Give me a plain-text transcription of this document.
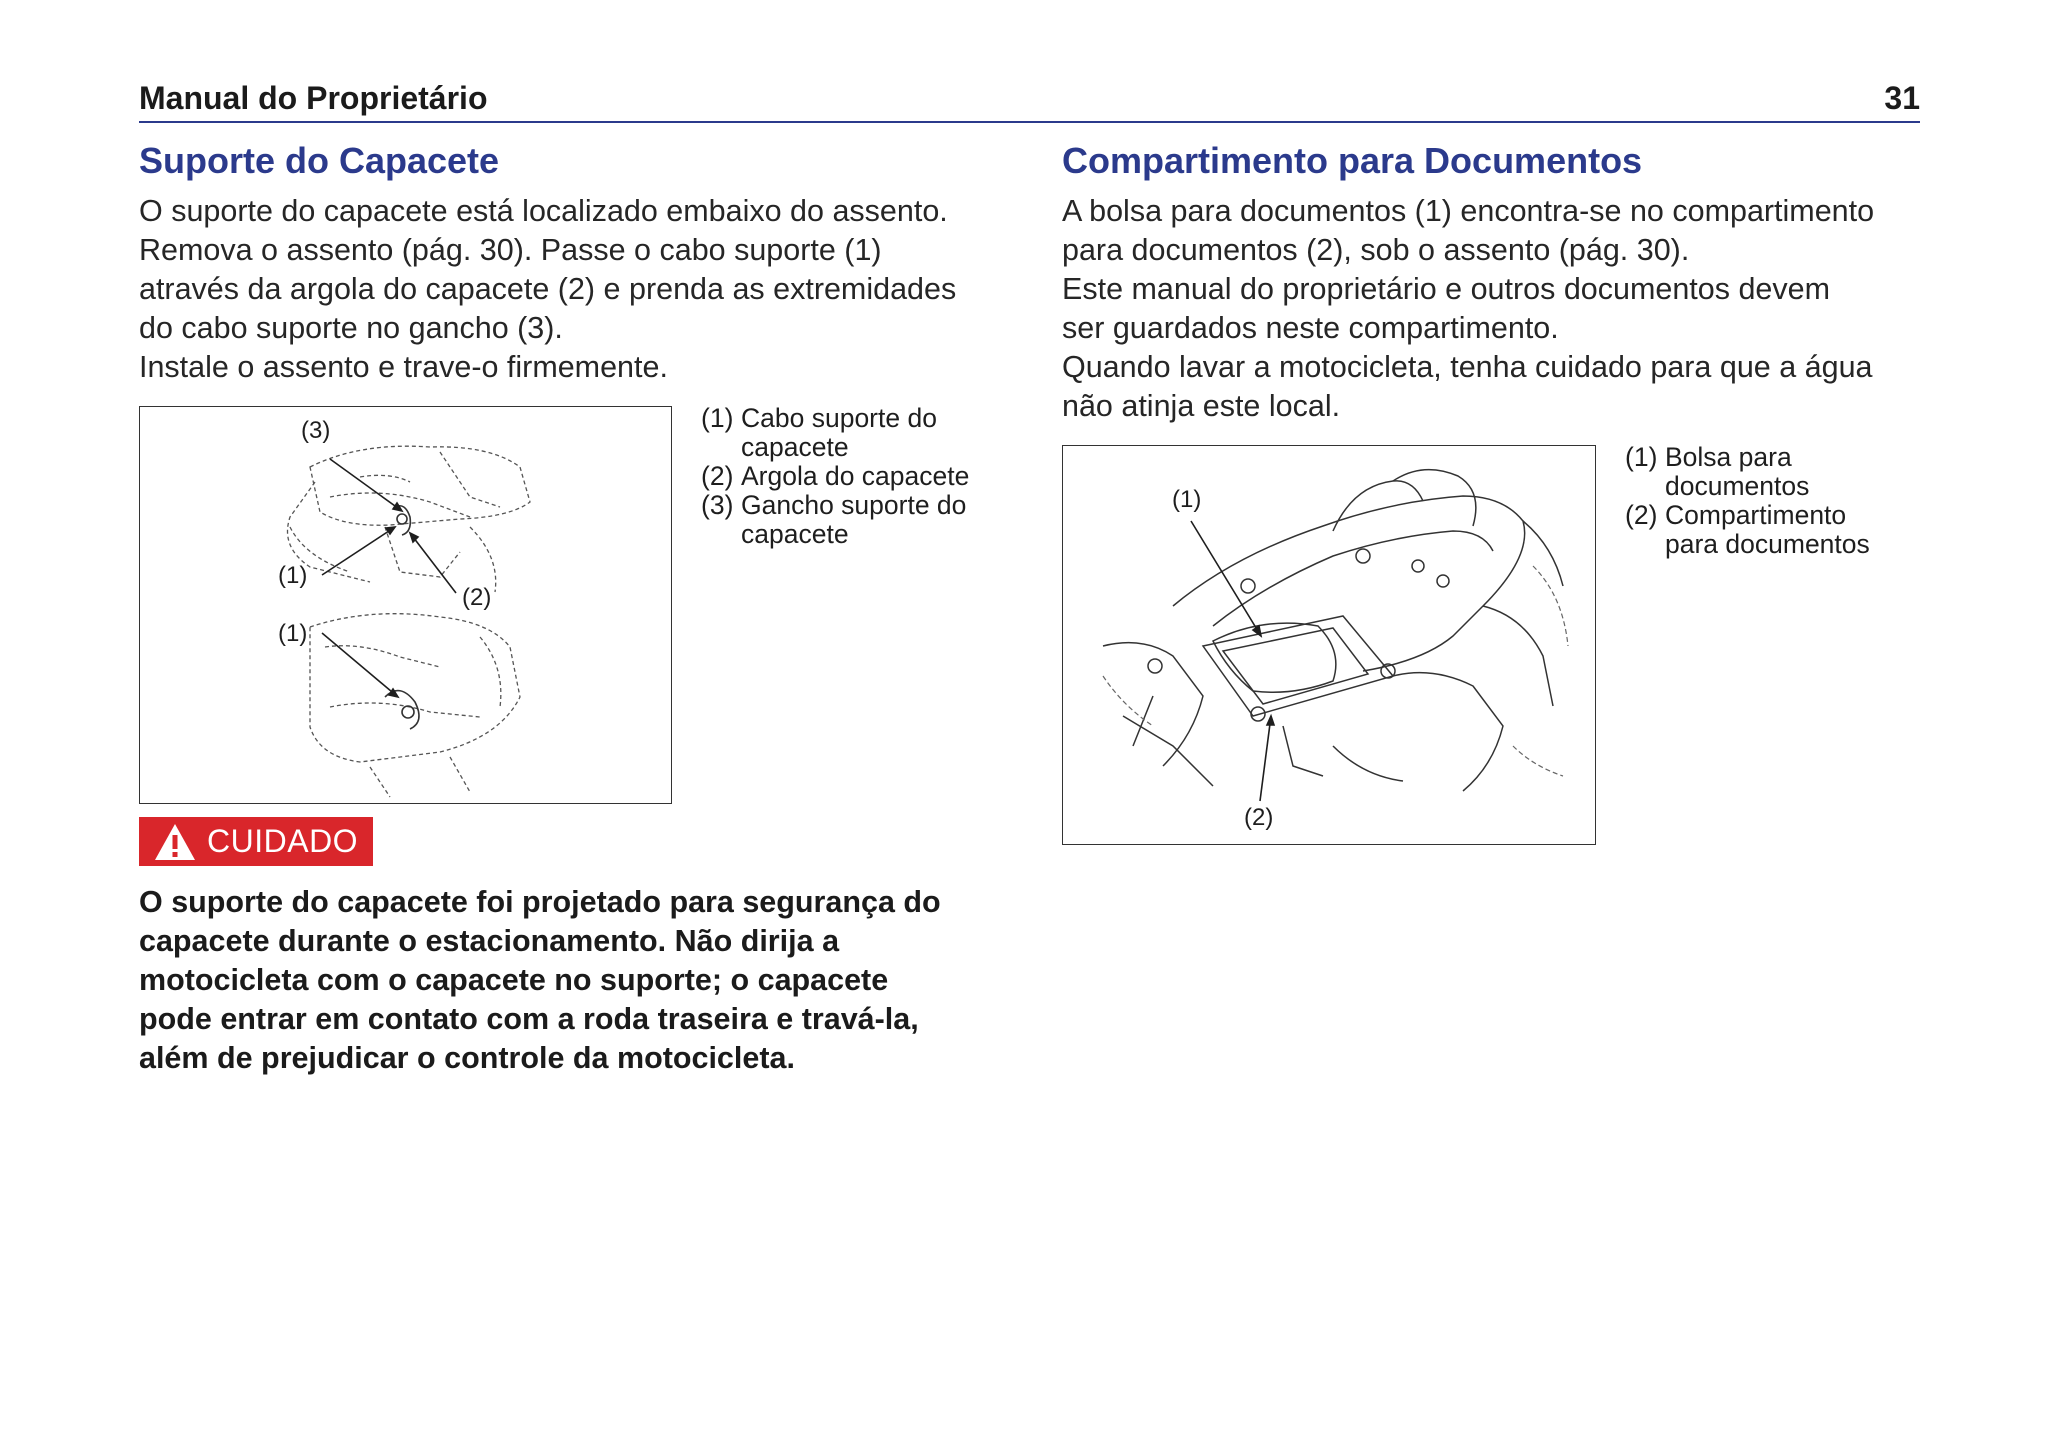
Manual do Proprietário	31
Suporte do Capacete

O suporte do capacete está localizado embaixo do assento.

Remova o assento (pág. 30). Passe o cabo suporte (1)

através da argola do capacete (2) e prenda as extremidades

do cabo suporte no gancho (3).

Instale o assento e trave-o firmemente.

(3)
(1)
(2)
(1)
(1) Cabo suporte do
capacete
(2) Argola do capacete
(3) Gancho suporte do
capacete
CUIDADO
O suporte do capacete foi projetado para segurança do
capacete durante o estacionamento. Não dirija a
motocicleta com o capacete no suporte; o capacete
pode entrar em contato com a roda traseira e travá-la,
além de prejudicar o controle da motocicleta.
Compartimento para Documentos

A bolsa para documentos (1) encontra-se no compartimento

para documentos (2), sob o assento (pág. 30).

Este manual do proprietário e outros documentos devem

ser guardados neste compartimento.

Quando lavar a motocicleta, tenha cuidado para que a água

não atinja este local.

(1)
(2)
(1) Bolsa para
documentos
(2) Compartimento
para documentos
